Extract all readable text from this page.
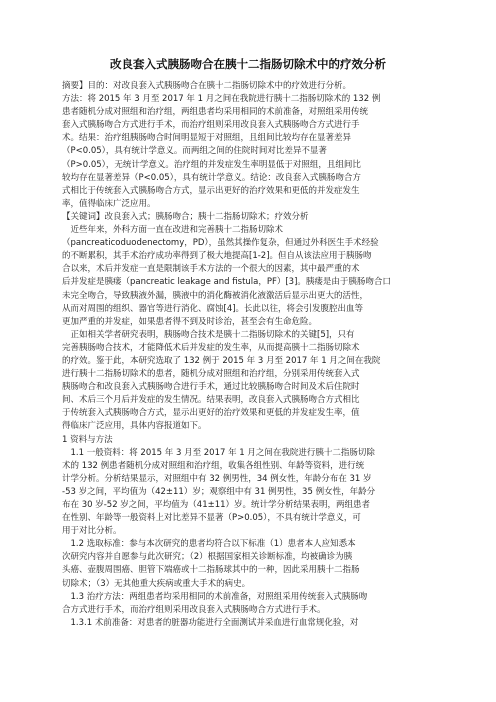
改良套入式胰肠吻合在胰十二指肠切除术中的疗效分析
摘要】目的：对改良套入式胰肠吻合在胰十二指肠切除术中的疗效进行分析。
方法：将 2015 年 3 月至 2017 年 1 月之间在我院进行胰十二指肠切除术的 132 例
患者随机分成对照组和治疗组，两组患者均采用相同的术前准备，对照组采用传统
套入式胰肠吻合方式进行手术，而治疗组则采用改良套入式胰肠吻合方式进行手
术。结果：治疗组胰肠吻合时间明显短于对照组，且组间比较均存在显著差异
（P<0.05），具有统计学意义。而两组之间的住院时间对比差异不显著
（P>0.05），无统计学意义。治疗组的并发症发生率明显低于对照组，且组间比
较均存在显著差异（P<0.05），具有统计学意义。结论：改良套入式胰肠吻合方
式相比于传统套入式胰肠吻合方式，显示出更好的治疗效果和更低的并发症发生
率，值得临床广泛应用。
【关键词】改良套入式；胰肠吻合；胰十二指肠切除术；疗效分析
　近些年来，外科方面一直在改进和完善胰十二指肠切除术
（pancreaticoduodenectomy，PD），虽然其操作复杂，但通过外科医生手术经验
的不断累积，其手术治疗成功率得到了极大地提高[1-2]。但自从该法应用于胰肠吻
合以来，术后并发症一直是限制该手术方法的一个很大的因素，其中最严重的术
后并发症是胰瘘（pancreatic leakage and fistula，PF）[3]。胰瘘是由于胰肠吻合口
未完全吻合，导致胰液外漏，胰液中的消化酶被消化液激活后显示出更大的活性，
从而对周围的组织、器官等进行消化、腐蚀[4]。长此以往，将会引发腹腔出血等
更加严重的并发症，如果患者得不到及时诊治，甚至会有生命危险。
　正如相关学者研究表明，胰肠吻合技术是胰十二指肠切除术的关键[5]，只有
完善胰肠吻合技术，才能降低术后并发症的发生率，从而提高胰十二指肠切除术
的疗效。鉴于此，本研究选取了 132 例于 2015 年 3 月至 2017 年 1 月之间在我院
进行胰十二指肠切除术的患者，随机分成对照组和治疗组，分别采用传统套入式
胰肠吻合和改良套入式胰肠吻合进行手术，通过比较胰肠吻合时间及术后住院时
间、术后三个月后并发症的发生情况。结果表明，改良套入式胰肠吻合方式相比
于传统套入式胰肠吻合方式，显示出更好的治疗效果和更低的并发症发生率，值
得临床广泛应用，具体内容报道如下。
1 资料与方法
　1.1 一般资料：将 2015 年 3 月至 2017 年 1 月之间在我院进行胰十二指肠切除
术的 132 例患者随机分成对照组和治疗组，收集各组性别、年龄等资料，进行统
计学分析。分析结果显示，对照组中有 32 例男性，34 例女性，年龄分布在 31 岁
-53 岁之间，平均值为（42±11）岁；观察组中有 31 例男性，35 例女性，年龄分
布在 30 岁-52 岁之间，平均值为（41±11）岁。统计学分析结果表明，两组患者
在性别、年龄等一般资料上对比差异不显著（P>0.05），不具有统计学意义，可
用于对比分析。
　1.2 选取标准：参与本次研究的患者均符合以下标准（1）患者本人应知悉本
次研究内容并自愿参与此次研究；（2）根据国家相关诊断标准，均被确诊为胰
头癌、壶腹周围癌、胆管下端癌或十二指肠球其中的一种，因此采用胰十二指肠
切除术；（3）无其他重大疾病或重大手术的病史。
　1.3 治疗方法：两组患者均采用相同的术前准备，对照组采用传统套入式胰肠吻
合方式进行手术，而治疗组则采用改良套入式胰肠吻合方式进行手术。
　1.3.1 术前准备：对患者的脏器功能进行全面测试并采血进行血常规化验，对
